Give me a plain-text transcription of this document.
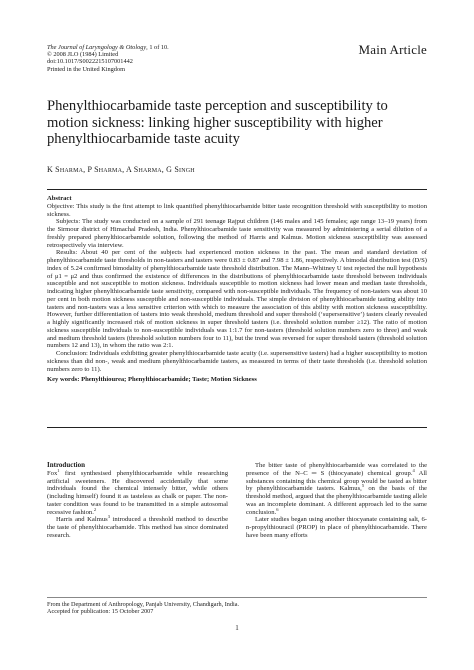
The Journal of Laryngology & Otology, 1 of 10.
© 2008 JLO (1984) Limited
doi:10.1017/S0022215107001442
Printed in the United Kingdom
Main Article
Phenylthiocarbamide taste perception and susceptibility to motion sickness: linking higher susceptibility with higher phenylthiocarbamide taste acuity
K Sharma, P Sharma, A Sharma, G Singh
Abstract

Objective: This study is the first attempt to link quantified phenylthiocarbamide bitter taste recognition threshold with susceptibility to motion sickness.

Subjects: The study was conducted on a sample of 291 teenage Rajput children (146 males and 145 females; age range 13–19 years) from the Sirmour district of Himachal Pradesh, India. Phenylthiocarbamide taste sensitivity was measured by administering a serial dilution of a freshly prepared phenylthiocarbamide solution, following the method of Harris and Kalmus. Motion sickness susceptibility was assessed retrospectively via interview.

Results: About 40 per cent of the subjects had experienced motion sickness in the past. The mean and standard deviation of phenylthiocarbamide taste thresholds in non-tasters and tasters were 0.83 ± 0.87 and 7.98 ± 1.86, respectively. A bimodal distribution test (D/S) index of 5.24 confirmed bimodality of phenylthiocarbamide taste threshold distribution. The Mann–Whitney U test rejected the null hypothesis of μ1 = μ2 and thus confirmed the existence of differences in the distributions of phenylthiocarbamide taste threshold between individuals susceptible and not susceptible to motion sickness. Individuals susceptible to motion sickness had lower mean and median taste thresholds, indicating higher phenylthiocarbamide taste sensitivity, compared with non-susceptible individuals. The frequency of non-tasters was about 10 per cent in both motion sickness susceptible and non-susceptible individuals. The simple division of phenylthiocarbamide tasting ability into tasters and non-tasters was a less sensitive criterion with which to measure the association of this ability with motion sickness susceptibility. However, further differentiation of tasters into weak threshold, medium threshold and super threshold (‘supersensitive’) tasters clearly revealed a highly significantly increased risk of motion sickness in super threshold tasters (i.e. threshold solution number ≥12). The ratio of motion sickness susceptible individuals to non-susceptible individuals was 1:1.7 for non-tasters (threshold solution numbers zero to three) and weak and medium threshold tasters (threshold solution numbers four to 11), but the trend was reversed for super threshold tasters (threshold solution numbers 12 and 13), in whom the ratio was 2:1.

Conclusion: Individuals exhibiting greater phenylthiocarbamide taste acuity (i.e. supersensitive tasters) had a higher susceptibility to motion sickness than did non-, weak and medium phenylthiocarbamide tasters, as measured in terms of their taste thresholds (i.e. threshold solution numbers zero to 11).

Key words: Phenylthiourea; Phenylthiocarbamide; Taste; Motion Sickness

Introduction

Fox$^1$ first synthesised phenylthiocarbamide while researching artificial sweeteners. He discovered accidentally that some individuals found the chemical intensely bitter, while others (including himself) found it as tasteless as chalk or paper. The non-taster condition was found to be transmitted in a simple autosomal recessive fashion.$^2$

Harris and Kalmus$^3$ introduced a threshold method to describe the taste of phenylthiocarbamide. This method has since dominated research.

The bitter taste of phenylthiocarbamide was correlated to the presence of the N–C ═ S (thiocyanate) chemical group.$^4$ All substances containing this chemical group would be tasted as bitter by phenylthiocarbamide tasters. Kalmus,$^5$ on the basis of the threshold method, argued that the phenylthiocarbamide tasting allele was an incomplete dominant. A different approach led to the same conclusion.$^6$

Later studies began using another thiocyanate containing salt, 6-n-propylthiouracil (PROP) in place of phenylthiocarbamide. There have been many efforts

From the Department of Anthropology, Panjab University, Chandigarh, India.
Accepted for publication: 15 October 2007
1
